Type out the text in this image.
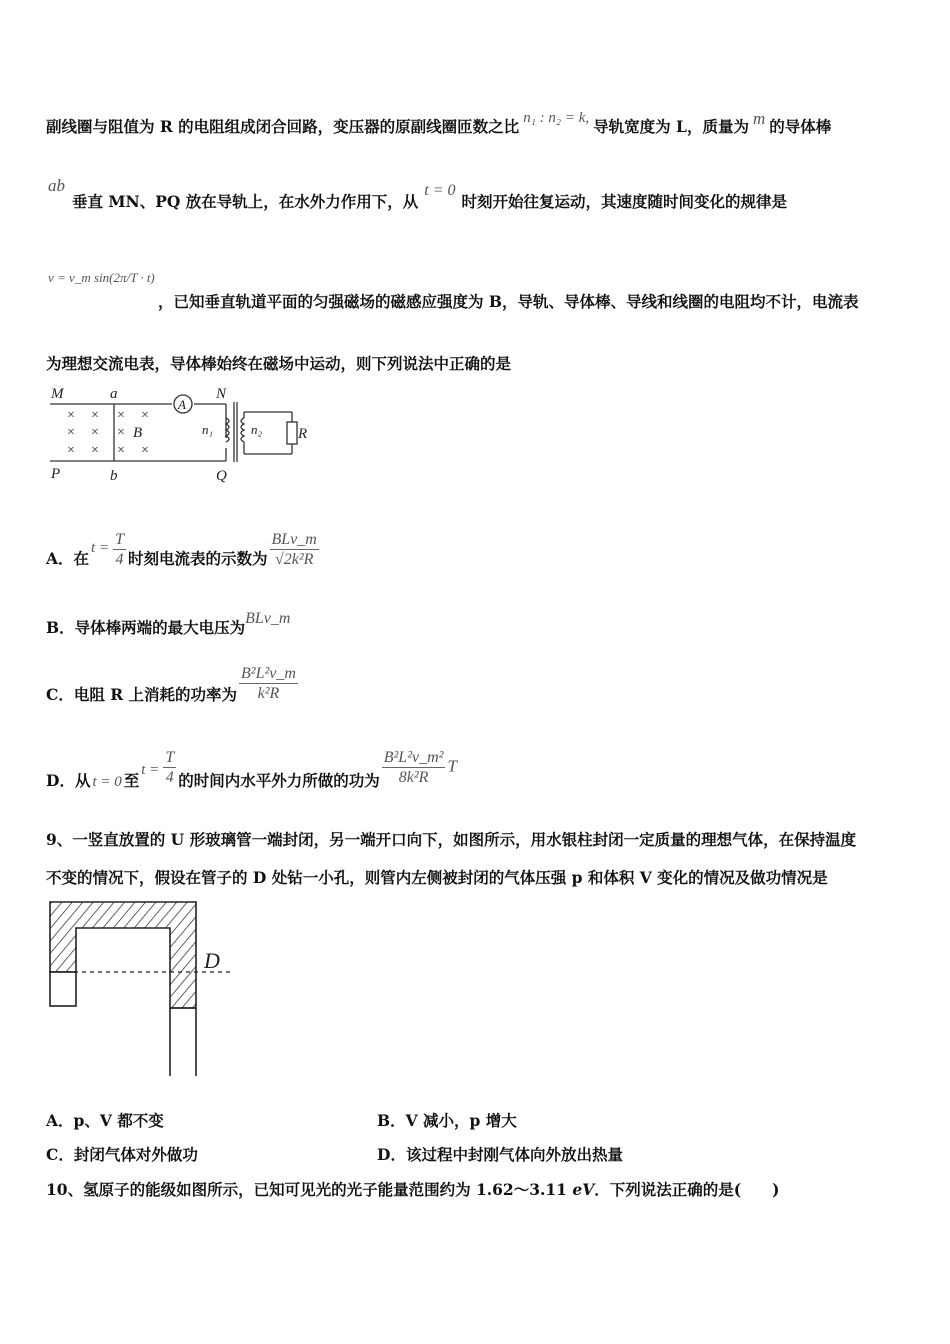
副线圈与阻值为 R 的电阻组成闭合回路，变压器的原副线圈匝数之比 n₁ : n₂ = k, 导轨宽度为 L，质量为 m 的导体棒
ab
垂直 MN、PQ 放在导轨上，在水外力作用下，从t = 0时刻开始往复运动，其速度随时间变化的规律是
v = v_m sin(2π/T · t)
，已知垂直轨道平面的匀强磁场的磁感应强度为 B，导轨、导体棒、导线和线圈的电阻均不计，电流表
为理想交流电表，导体棒始终在磁场中运动，则下列说法中正确的是
× × × ×
× × ×
× × × ×
M	a	N
P	b	Q
B	R
n₁	n₂
A
A．在$t = \frac{T}{4}$ 时刻电流表的示数为 $\frac{\text{BLv\_m}}{\text{√2k²R}}$
B．导体棒两端的最大电压为BLv_m
C．电阻 R 上消耗的功率为 $\frac{\text{B²L²v\_m}}{\text{k²R}}$
D．从 t = 0 至$t = \frac{T}{4}$ 的时间内水平外力所做的功为 $\frac{\text{B²L²v\_m²}}{\text{8k²R}}$ T
9、一竖直放置的 U 形玻璃管一端封闭，另一端开口向下，如图所示，用水银柱封闭一定质量的理想气体，在保持温度
不变的情况下，假设在管子的 D 处钻一小孔，则管内左侧被封闭的气体压强 p 和体积 V 变化的情况及做功情况是
D
A．p、V 都不变	B．V 减小，p 增大
C．封闭气体对外做功	D．该过程中封刚气体向外放出热量
10、氢原子的能级如图所示，已知可见光的光子能量范围约为 1.62～3.11 eV．下列说法正确的是(　　)
